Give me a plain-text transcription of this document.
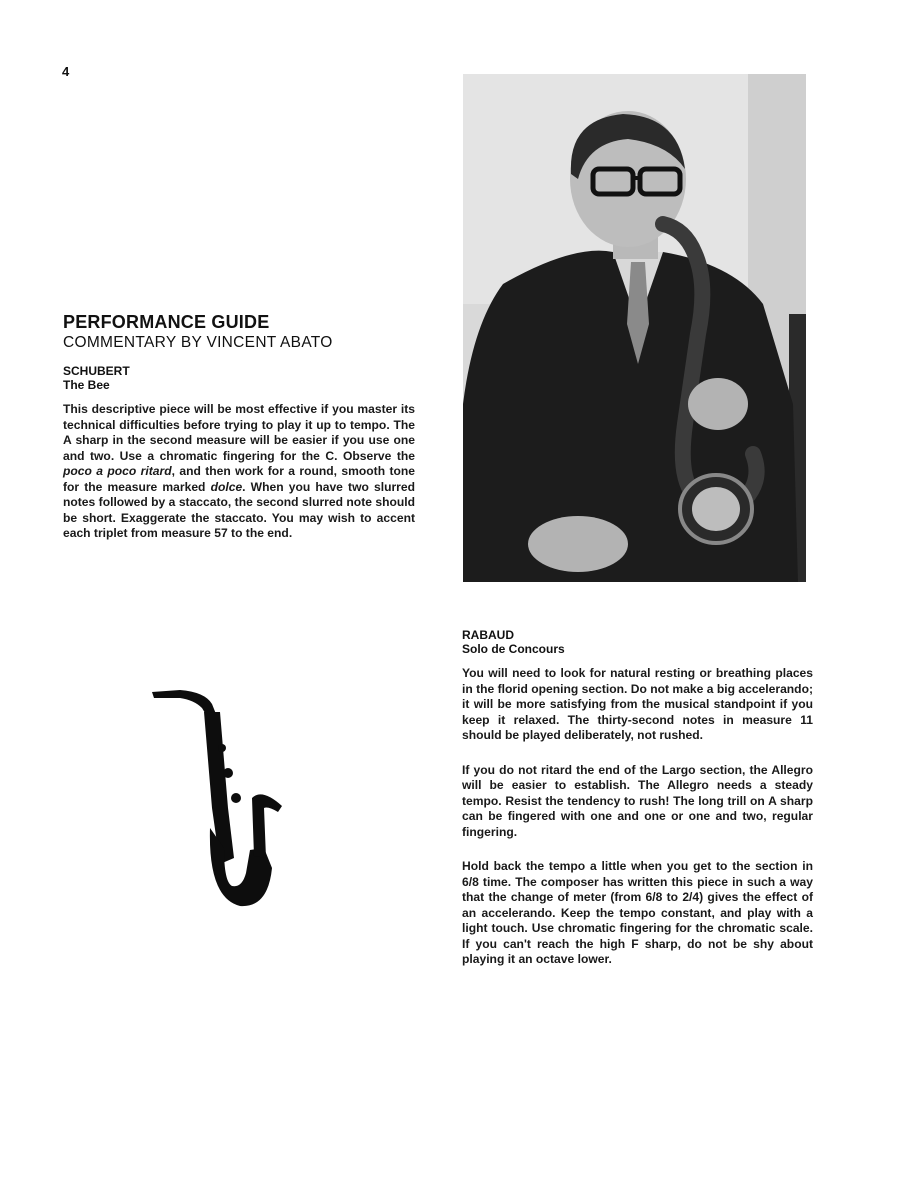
4
PERFORMANCE GUIDE

COMMENTARY BY VINCENT ABATO

SCHUBERT

The Bee

This descriptive piece will be most effective if you master its technical difficulties before trying to play it up to tempo. The A sharp in the second measure will be easier if you use one and two. Use a chromatic fingering for the C. Observe the poco a poco ritard, and then work for a round, smooth tone for the measure marked dolce. When you have two slurred notes followed by a staccato, the second slurred note should be short. Exaggerate the staccato. You may wish to accent each triplet from measure 57 to the end.

RABAUD

Solo de Concours

You will need to look for natural resting or breathing places in the florid opening section. Do not make a big accelerando; it will be more satisfying from the musical standpoint if you keep it relaxed. The thirty-second notes in measure 11 should be played deliberately, not rushed.

If you do not ritard the end of the Largo section, the Allegro will be easier to establish. The Allegro needs a steady tempo. Resist the tendency to rush! The long trill on A sharp can be fingered with one and one or one and two, regular fingering.

Hold back the tempo a little when you get to the section in 6/8 time. The composer has written this piece in such a way that the change of meter (from 6/8 to 2/4) gives the effect of an accelerando. Keep the tempo constant, and play with a light touch. Use chromatic fingering for the chromatic scale. If you can't reach the high F sharp, do not be shy about playing it an octave lower.
